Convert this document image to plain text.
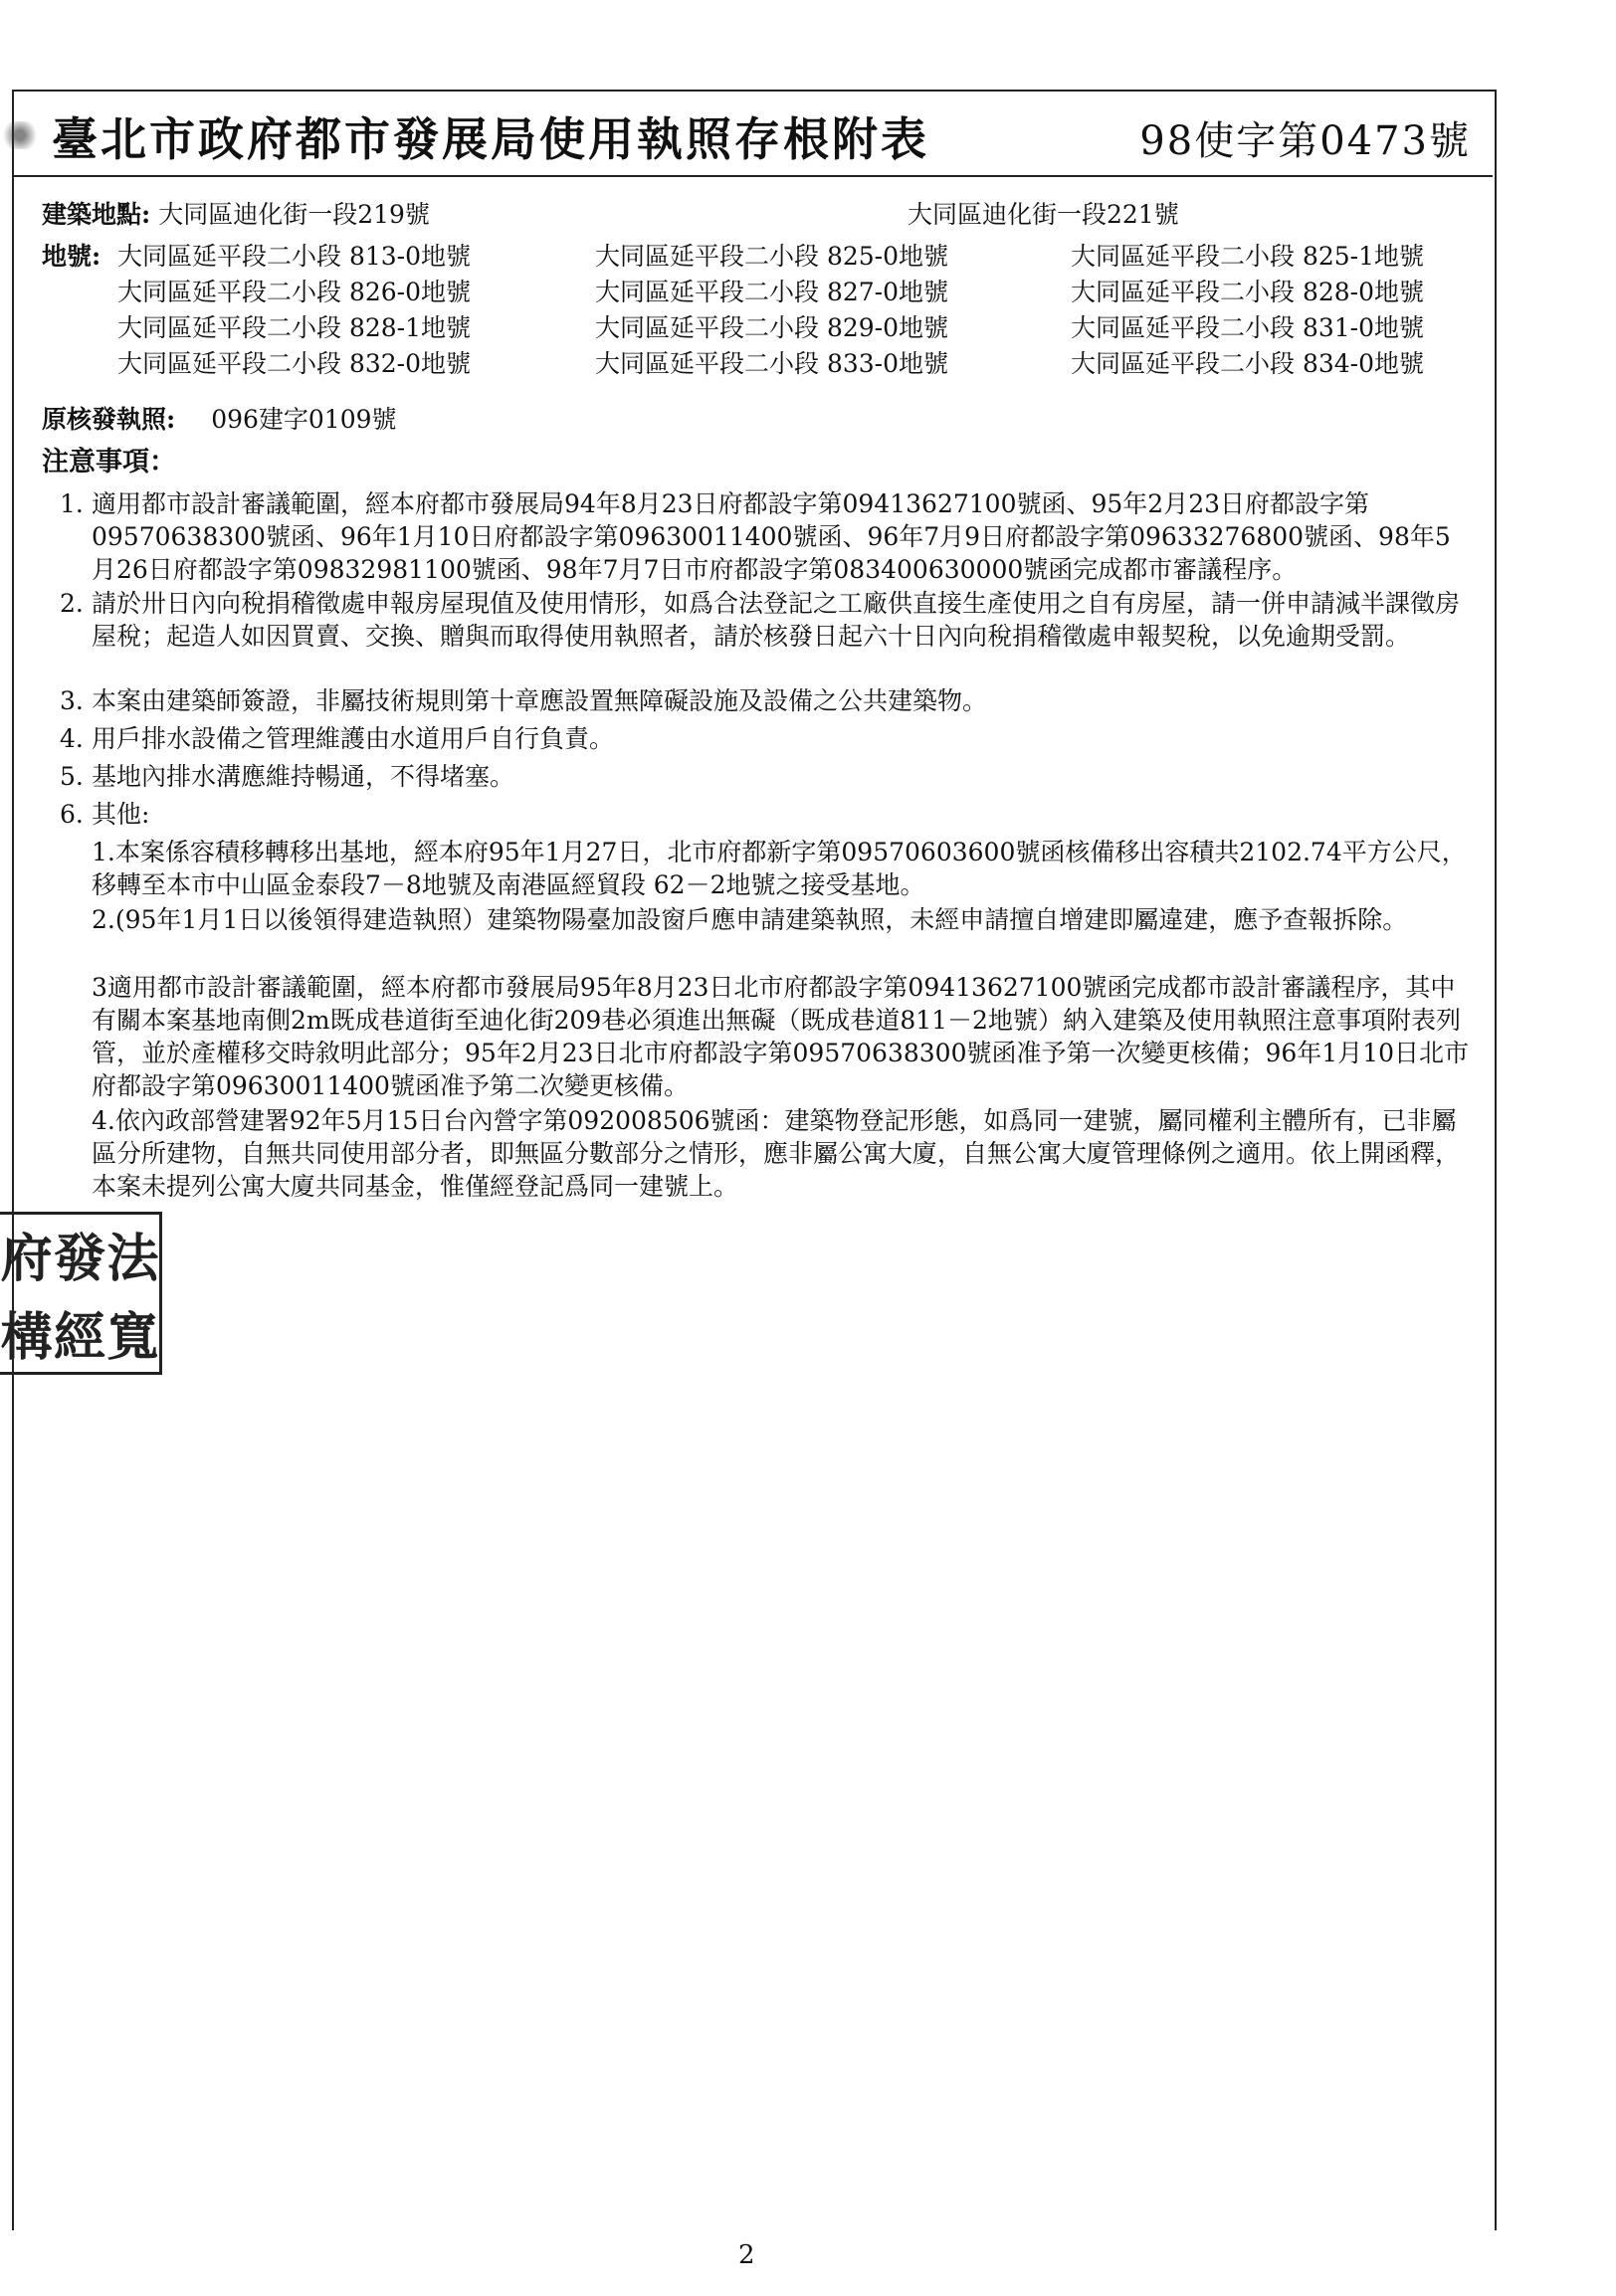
臺北市政府都市發展局使用執照存根附表	98使字第0473號
建築地點: 大同區迪化街一段219號	大同區迪化街一段221號
地號: 大同區延平段二小段 813-0地號	大同區延平段二小段 825-0地號	大同區延平段二小段 825-1地號
大同區延平段二小段 826-0地號	大同區延平段二小段 827-0地號	大同區延平段二小段 828-0地號
大同區延平段二小段 828-1地號	大同區延平段二小段 829-0地號	大同區延平段二小段 831-0地號
大同區延平段二小段 832-0地號	大同區延平段二小段 833-0地號	大同區延平段二小段 834-0地號
原核發執照: 096建字0109號
注意事項：
1. 適用都市設計審議範圍，經本府都市發展局94年8月23日府都設字第09413627100號函、95年2月23日府都設字第09570638300號函、96年1月10日府都設字第09630011400號函、96年7月9日府都設字第09633276800號函、98年5月26日府都設字第09832981100號函、98年7月7日市府都設字第083400630000號函完成都市審議程序。
2. 請於卅日內向稅捐稽徵處申報房屋現值及使用情形，如爲合法登記之工廠供直接生產使用之自有房屋，請一併申請減半課徵房屋稅；起造人如因買賣、交換、贈與而取得使用執照者，請於核發日起六十日內向稅捐稽徵處申報契稅，以免逾期受罰。
3. 本案由建築師簽證，非屬技術規則第十章應設置無障礙設施及設備之公共建築物。
4. 用戶排水設備之管理維護由水道用戶自行負責。
5. 基地內排水溝應維持暢通，不得堵塞。
6. 其他:
1.本案係容積移轉移出基地，經本府95年1月27日，北市府都新字第09570603600號函核備移出容積共2102.74平方公尺，移轉至本市中山區金泰段7－8地號及南港區經貿段 62－2地號之接受基地。
2.(95年1月1日以後領得建造執照）建築物陽臺加設窗戶應申請建築執照，未經申請擅自增建即屬違建，應予查報拆除。
3適用都市設計審議範圍，經本府都市發展局95年8月23日北市府都設字第09413627100號函完成都市設計審議程序，其中有關本案基地南側2m既成巷道街至迪化街209巷必須進出無礙（既成巷道811－2地號）納入建築及使用執照注意事項附表列管，並於產權移交時敘明此部分；95年2月23日北市府都設字第09570638300號函准予第一次變更核備；96年1月10日北市府都設字第09630011400號函准予第二次變更核備。
4.依內政部營建署92年5月15日台內營字第092008506號函：建築物登記形態，如爲同一建號，屬同權利主體所有，已非屬區分所建物，自無共同使用部分者，即無區分數部分之情形，應非屬公寓大廈，自無公寓大廈管理條例之適用。依上開函釋，本案未提列公寓大廈共同基金，惟僅經登記爲同一建號上。
府 發 法
構 經 寬
2
